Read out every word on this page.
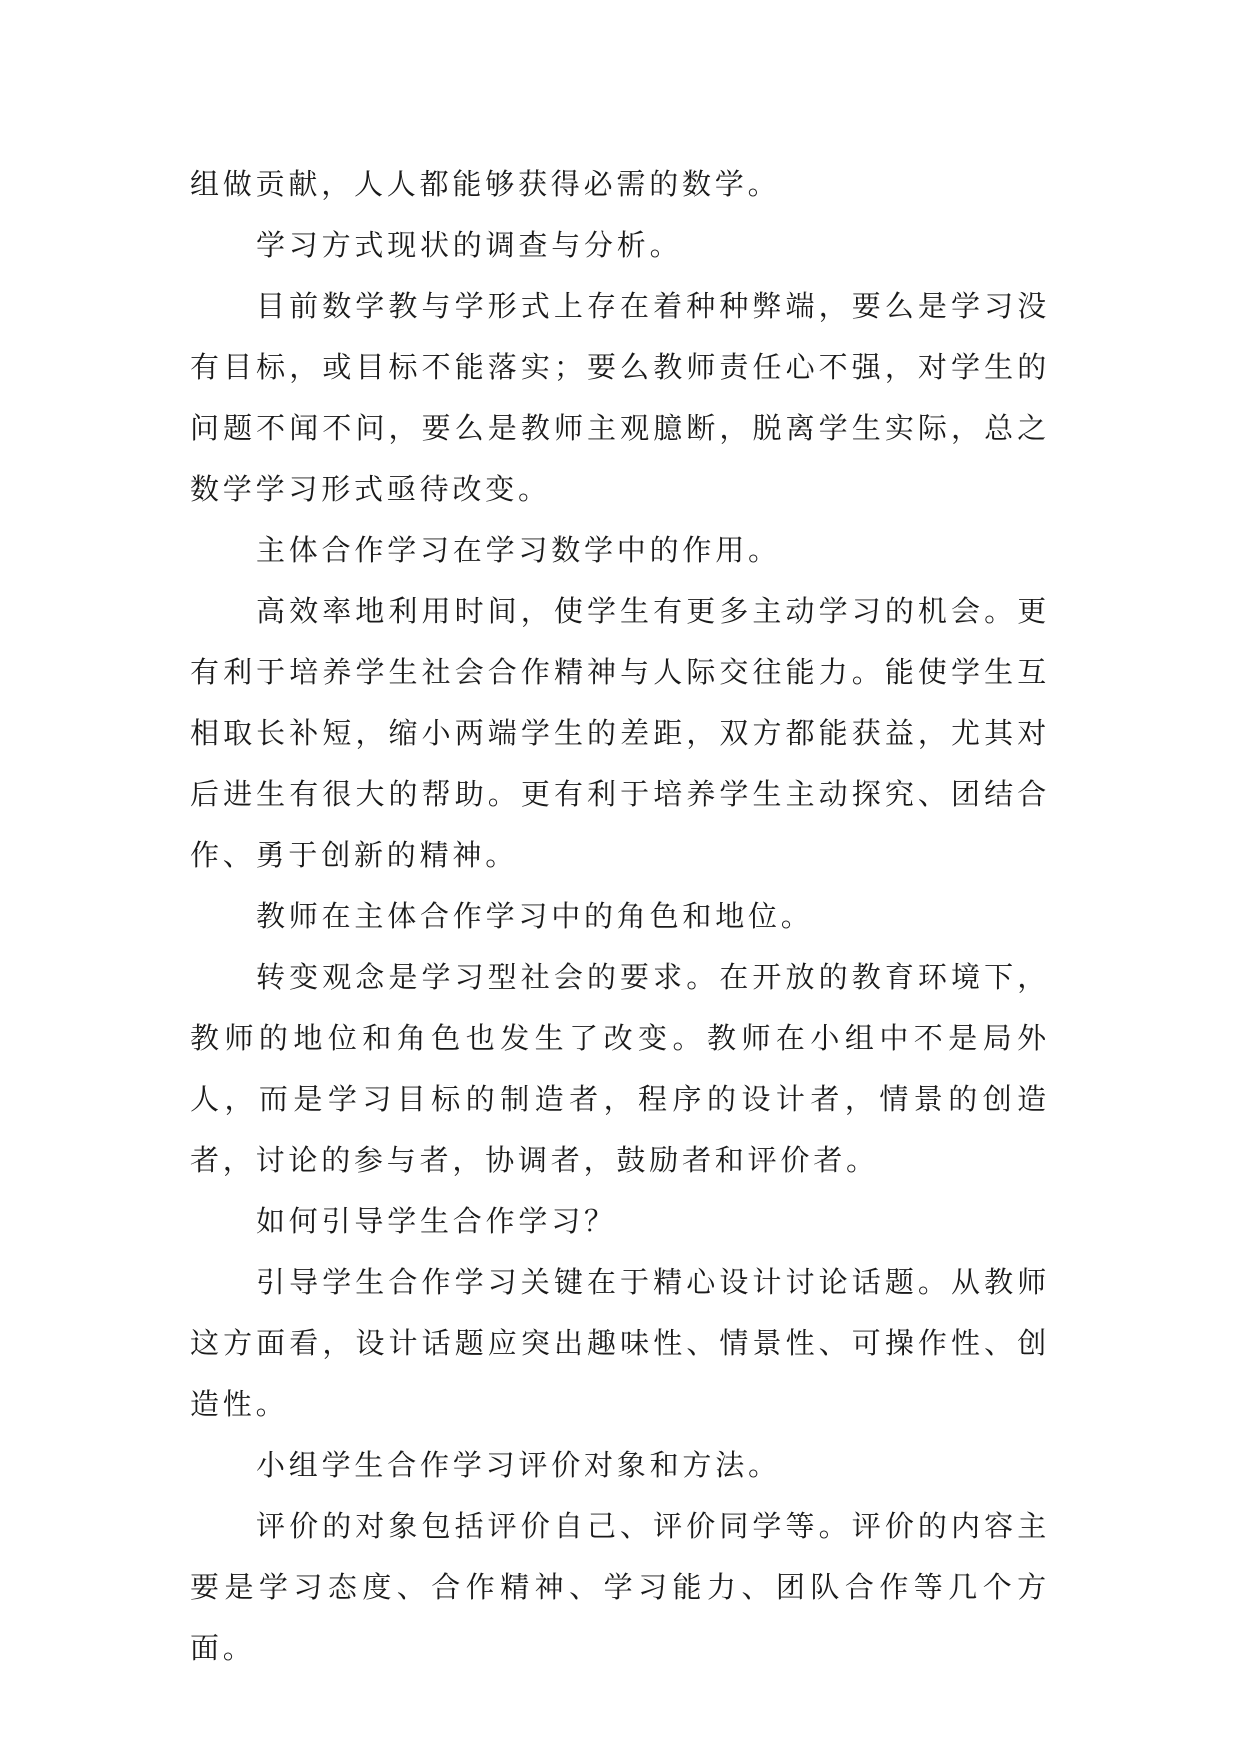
组做贡献，人人都能够获得必需的数学。

学习方式现状的调查与分析。

目前数学教与学形式上存在着种种弊端，要么是学习没有目标，或目标不能落实；要么教师责任心不强，对学生的问题不闻不问，要么是教师主观臆断，脱离学生实际，总之数学学习形式亟待改变。

主体合作学习在学习数学中的作用。

高效率地利用时间，使学生有更多主动学习的机会。更有利于培养学生社会合作精神与人际交往能力。能使学生互相取长补短，缩小两端学生的差距，双方都能获益，尤其对后进生有很大的帮助。更有利于培养学生主动探究、团结合作、勇于创新的精神。

教师在主体合作学习中的角色和地位。

转变观念是学习型社会的要求。在开放的教育环境下，教师的地位和角色也发生了改变。教师在小组中不是局外人，而是学习目标的制造者，程序的设计者，情景的创造者，讨论的参与者，协调者，鼓励者和评价者。

如何引导学生合作学习？

引导学生合作学习关键在于精心设计讨论话题。从教师这方面看，设计话题应突出趣味性、情景性、可操作性、创造性。

小组学生合作学习评价对象和方法。

评价的对象包括评价自己、评价同学等。评价的内容主要是学习态度、合作精神、学习能力、团队合作等几个方面。
